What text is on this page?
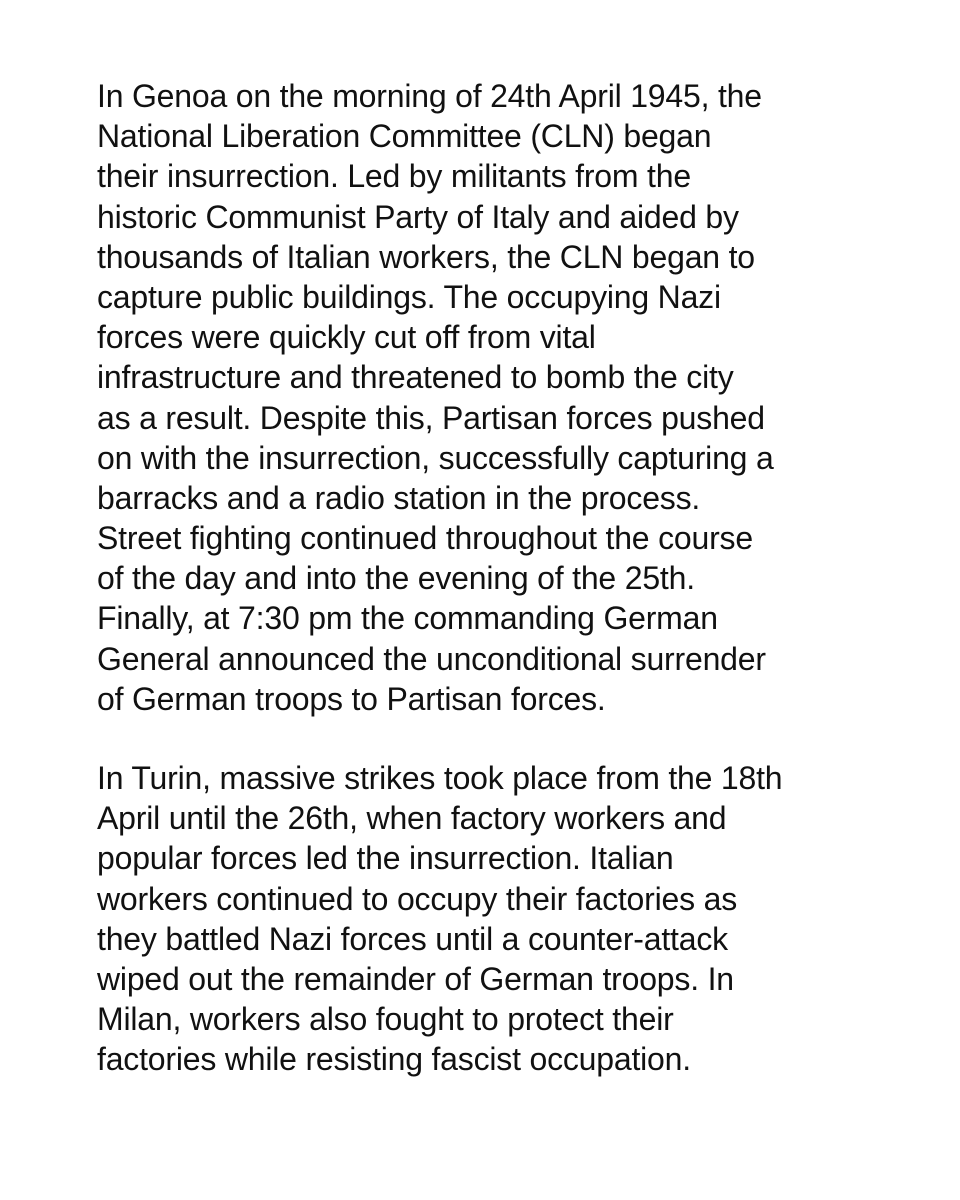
In Genoa on the morning of 24th April 1945, the
National Liberation Committee (CLN) began
their insurrection. Led by militants from the
historic Communist Party of Italy and aided by
thousands of Italian workers, the CLN began to
capture public buildings. The occupying Nazi
forces were quickly cut off from vital
infrastructure and threatened to bomb the city
as a result. Despite this, Partisan forces pushed
on with the insurrection, successfully capturing a
barracks and a radio station in the process.
Street fighting continued throughout the course
of the day and into the evening of the 25th.
Finally, at 7:30 pm the commanding German
General announced the unconditional surrender
of German troops to Partisan forces.
In Turin, massive strikes took place from the 18th
April until the 26th, when factory workers and
popular forces led the insurrection. Italian
workers continued to occupy their factories as
they battled Nazi forces until a counter-attack
wiped out the remainder of German troops. In
Milan, workers also fought to protect their
factories while resisting fascist occupation.
